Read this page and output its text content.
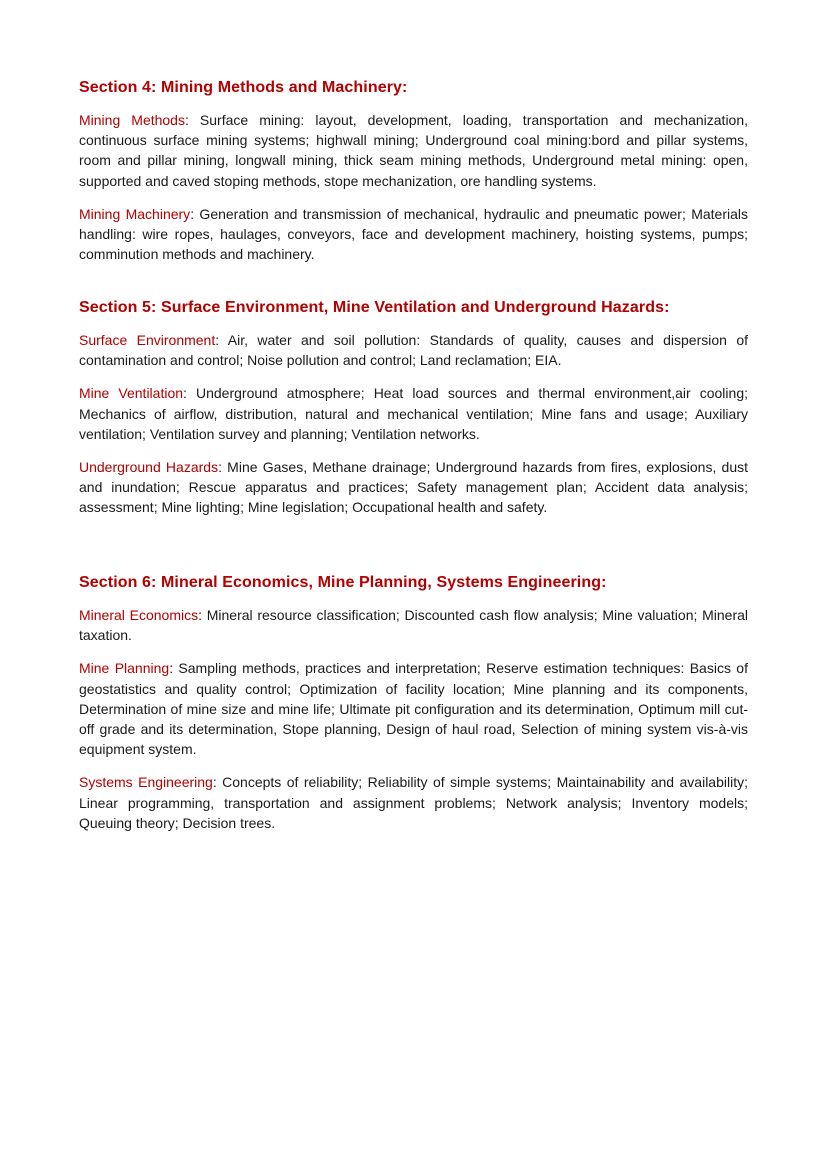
Section 4: Mining Methods and Machinery:

Mining Methods: Surface mining: layout, development, loading, transportation and mechanization, continuous surface mining systems; highwall mining; Underground coal mining:bord and pillar systems, room and pillar mining, longwall mining, thick seam mining methods, Underground metal mining: open, supported and caved stoping methods, stope mechanization, ore handling systems.

Mining Machinery: Generation and transmission of mechanical, hydraulic and pneumatic power; Materials handling: wire ropes, haulages, conveyors, face and development machinery, hoisting systems, pumps; comminution methods and machinery.

Section 5: Surface Environment, Mine Ventilation and Underground Hazards:

Surface Environment: Air, water and soil pollution: Standards of quality, causes and dispersion of contamination and control; Noise pollution and control; Land reclamation; EIA.

Mine Ventilation: Underground atmosphere; Heat load sources and thermal environment,air cooling; Mechanics of airflow, distribution, natural and mechanical ventilation; Mine fans and usage; Auxiliary ventilation; Ventilation survey and planning; Ventilation networks.

Underground Hazards: Mine Gases, Methane drainage; Underground hazards from fires, explosions, dust and inundation; Rescue apparatus and practices; Safety management plan; Accident data analysis; assessment; Mine lighting; Mine legislation; Occupational health and safety.

Section 6: Mineral Economics, Mine Planning, Systems Engineering:

Mineral Economics: Mineral resource classification; Discounted cash flow analysis; Mine valuation; Mineral taxation.

Mine Planning: Sampling methods, practices and interpretation; Reserve estimation techniques: Basics of geostatistics and quality control; Optimization of facility location; Mine planning and its components, Determination of mine size and mine life; Ultimate pit configuration and its determination, Optimum mill cut-off grade and its determination, Stope planning, Design of haul road, Selection of mining system vis-à-vis equipment system.

Systems Engineering: Concepts of reliability; Reliability of simple systems; Maintainability and availability; Linear programming, transportation and assignment problems; Network analysis; Inventory models; Queuing theory; Decision trees.
